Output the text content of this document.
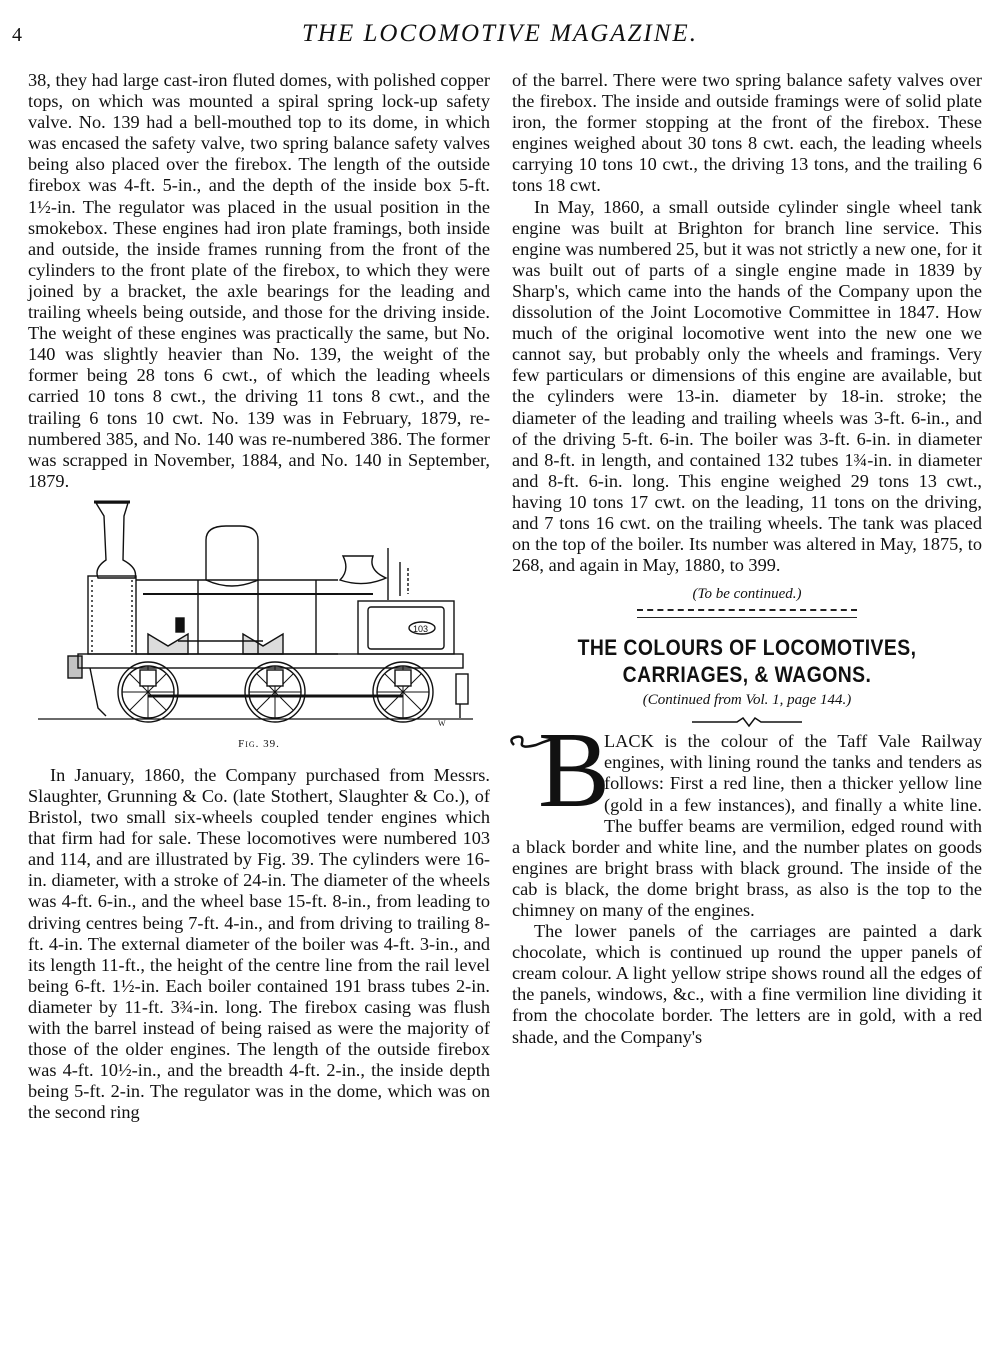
4	THE LOCOMOTIVE MAGAZINE.

38, they had large cast-iron fluted domes, with polished copper tops, on which was mounted a spiral spring lock-up safety valve. No. 139 had a bell-mouthed top to its dome, in which was encased the safety valve, two spring balance safety valves being also placed over the firebox. The length of the outside firebox was 4-ft. 5-in., and the depth of the inside box 5-ft. 1½-in. The regulator was placed in the usual position in the smokebox. These engines had iron plate framings, both inside and outside, the inside frames running from the front of the cylinders to the front plate of the firebox, to which they were joined by a bracket, the axle bearings for the leading and trailing wheels being outside, and those for the driving inside. The weight of these engines was practically the same, but No. 140 was slightly heavier than No. 139, the weight of the former being 28 tons 6 cwt., of which the leading wheels carried 10 tons 8 cwt., the driving 11 tons 8 cwt., and the trailing 6 tons 10 cwt. No. 139 was in February, 1879, re-numbered 385, and No. 140 was re-numbered 386. The former was scrapped in November, 1884, and No. 140 in September, 1879.

103
W
Fig. 39.

In January, 1860, the Company purchased from Messrs. Slaughter, Grunning & Co. (late Stothert, Slaughter & Co.), of Bristol, two small six-wheels coupled tender engines which that firm had for sale. These locomotives were numbered 103 and 114, and are illustrated by Fig. 39. The cylinders were 16-in. diameter, with a stroke of 24-in. The diameter of the wheels was 4-ft. 6-in., and the wheel base 15-ft. 8-in., from leading to driving centres being 7-ft. 4-in., and from driving to trailing 8-ft. 4-in. The external diameter of the boiler was 4-ft. 3-in., and its length 11-ft., the height of the centre line from the rail level being 6-ft. 1½-in. Each boiler contained 191 brass tubes 2-in. diameter by 11-ft. 3¾-in. long. The firebox casing was flush with the barrel instead of being raised as were the majority of those of the older engines. The length of the outside firebox was 4-ft. 10½-in., and the breadth 4-ft. 2-in., the inside depth being 5-ft. 2-in. The regulator was in the dome, which was on the second ring

of the barrel. There were two spring balance safety valves over the firebox. The inside and outside framings were of solid plate iron, the former stopping at the front of the firebox. These engines weighed about 30 tons 8 cwt. each, the leading wheels carrying 10 tons 10 cwt., the driving 13 tons, and the trailing 6 tons 18 cwt.

In May, 1860, a small outside cylinder single wheel tank engine was built at Brighton for branch line service. This engine was numbered 25, but it was not strictly a new one, for it was built out of parts of a single engine made in 1839 by Sharp's, which came into the hands of the Company upon the dissolution of the Joint Locomotive Committee in 1847. How much of the original locomotive went into the new one we cannot say, but probably only the wheels and framings. Very few particulars or dimensions of this engine are available, but the cylinders were 13-in. diameter by 18-in. stroke; the diameter of the leading and trailing wheels was 3-ft. 6-in., and of the driving 5-ft. 6-in. The boiler was 3-ft. 6-in. in diameter and 8-ft. in length, and contained 132 tubes 1¾-in. in diameter and 8-ft. 6-in. long. This engine weighed 29 tons 13 cwt., having 10 tons 17 cwt. on the leading, 11 tons on the driving, and 7 tons 16 cwt. on the trailing wheels. The tank was placed on the top of the boiler. Its number was altered in May, 1875, to 268, and again in May, 1880, to 399.

(To be continued.)
THE COLOURS OF LOCOMOTIVES,
CARRIAGES, & WAGONS.
(Continued from Vol. 1, page 144.)
B

LACK is the colour of the Taff Vale Railway engines, with lining round the tanks and tenders as follows: First a red line, then a thicker yellow line (gold in a few instances), and finally a white line. The buffer beams are vermilion, edged round with a black border and white line, and the number plates on goods engines are bright brass with black ground. The inside of the cab is black, the dome bright brass, as also is the top to the chimney on many of the engines.

The lower panels of the carriages are painted a dark chocolate, which is continued up round the upper panels of cream colour. A light yellow stripe shows round all the edges of the panels, windows, &c., with a fine vermilion line dividing it from the chocolate border. The letters are in gold, with a red shade, and the Company's
